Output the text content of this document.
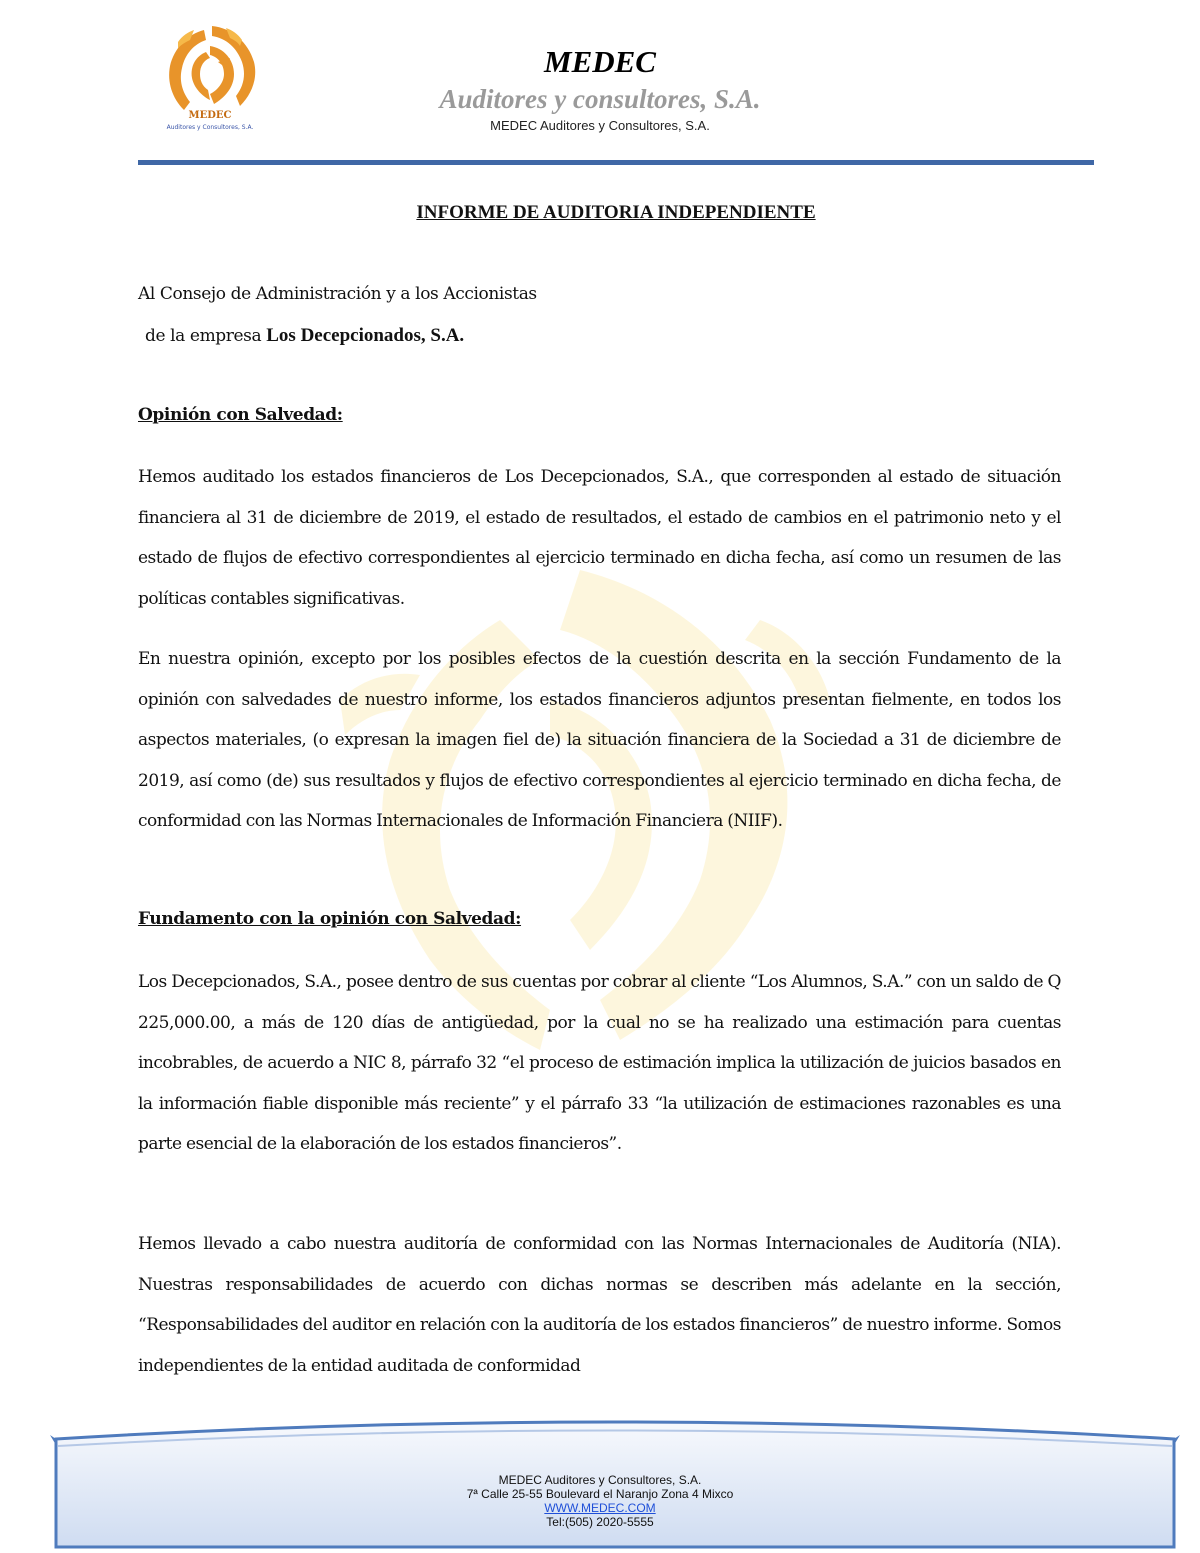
MEDEC
Auditores y Consultores, S.A.
MEDEC
Auditores y consultores, S.A.
MEDEC Auditores y Consultores, S.A.
INFORME DE AUDITORIA INDEPENDIENTE
Al Consejo de Administración y a los Accionistas
de la empresa Los Decepcionados, S.A.
Opinión con Salvedad:
Hemos auditado los estados financieros de Los Decepcionados, S.A., que corresponden al estado de situación financiera al 31 de diciembre de 2019, el estado de resultados, el estado de cambios en el patrimonio neto y el estado de flujos de efectivo correspondientes al ejercicio terminado en dicha fecha, así como un resumen de las políticas contables significativas.
En nuestra opinión, excepto por los posibles efectos de la cuestión descrita en la sección Fundamento de la opinión con salvedades de nuestro informe, los estados financieros adjuntos presentan fielmente, en todos los aspectos materiales, (o expresan la imagen fiel de) la situación financiera de la Sociedad a 31 de diciembre de 2019, así como (de) sus resultados y flujos de efectivo correspondientes al ejercicio terminado en dicha fecha, de conformidad con las Normas Internacionales de Información Financiera (NIIF).
Fundamento con la opinión con Salvedad:
Los Decepcionados, S.A., posee dentro de sus cuentas por cobrar al cliente “Los Alumnos, S.A.” con un saldo de Q 225,000.00, a más de 120 días de antigüedad, por la cual no se ha realizado una estimación para cuentas incobrables, de acuerdo a NIC 8, párrafo 32 “el proceso de estimación implica la utilización de juicios basados en la información fiable disponible más reciente” y el párrafo 33 “la utilización de estimaciones razonables es una parte esencial de la elaboración de los estados financieros”.
Hemos llevado a cabo nuestra auditoría de conformidad con las Normas Internacionales de Auditoría (NIA). Nuestras responsabilidades de acuerdo con dichas normas se describen más adelante en la sección, “Responsabilidades del auditor en relación con la auditoría de los estados financieros” de nuestro informe. Somos independientes de la entidad auditada de conformidad
MEDEC Auditores y Consultores, S.A.
7ª Calle 25-55 Boulevard el Naranjo Zona 4 Mixco
WWW.MEDEC.COM
Tel:(505) 2020-5555
